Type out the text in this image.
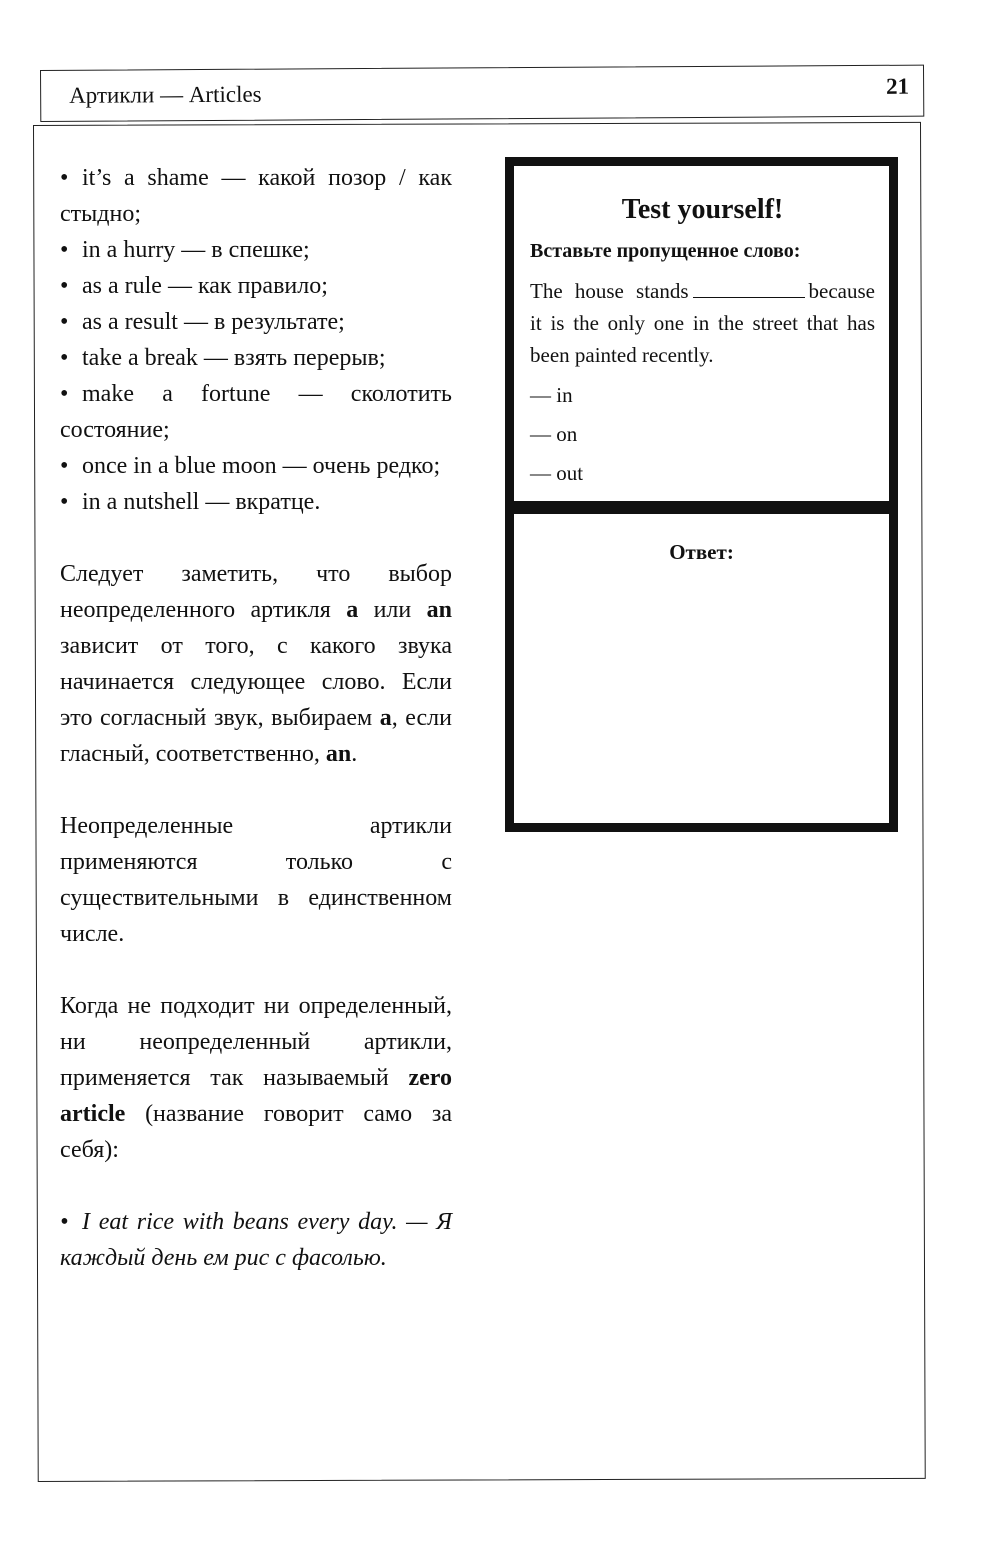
Артикли — Articles	21
• it’s a shame — какой позор / как стыдно;
• in a hurry — в спешке;
• as a rule — как правило;
• as a result — в результате;
• take a break — взять перерыв;
• make a fortune — сколотить состояние;
• once in a blue moon — очень редко;
• in a nutshell — вкратце.

Следует заметить, что выбор неопределенного артикля a или an зависит от того, с какого звука начинается следующее слово. Если это согласный звук, выбираем a, если гласный, соответственно, an.

Неопределенные артикли применяются только с существительными в единственном числе.

Когда не подходит ни определенный, ни неопределенный артикли, применяется так называемый zero article (название говорит само за себя):

• I eat rice with beans every day. — Я каждый день ем рис с фасолью.
Test yourself!
Вставьте пропущенное слово:
The house stands	because it is the only one in the street that has been painted recently.
— in
— on
— out
Ответ:
